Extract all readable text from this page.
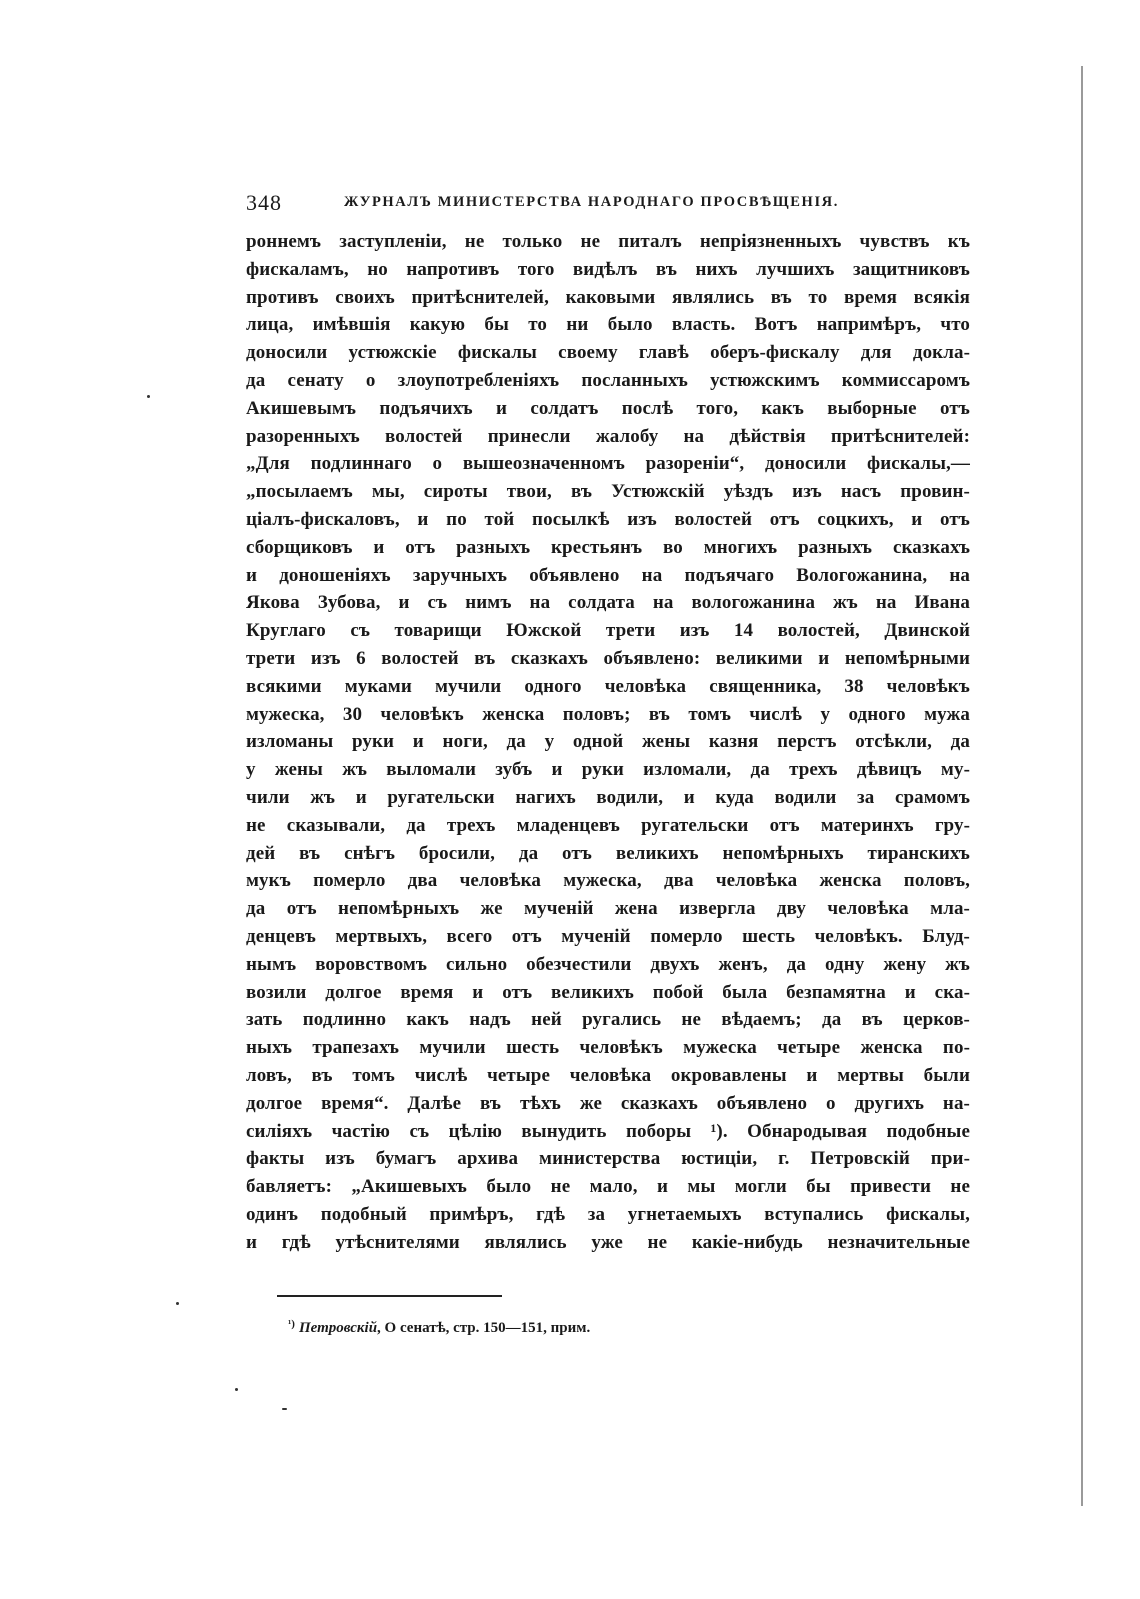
348	ЖУРНАЛЪ МИНИСТЕРСТВА НАРОДНАГО ПРОСВѢЩЕНІЯ.
роннемъ заступленіи, не только не питалъ непріязненныхъ чувствъ къ
фискаламъ, но напротивъ того видѣлъ въ нихъ лучшихъ защитниковъ
противъ своихъ притѣснителей, каковыми являлись въ то время всякія
лица, имѣвшія какую бы то ни было власть. Вотъ напримѣръ, что
доносили устюжскіе фискалы своему главѣ оберъ-фискалу для докла-
да сенату о злоупотребленіяхъ посланныхъ устюжскимъ коммиссаромъ
Акишевымъ подъячихъ и солдатъ послѣ того, какъ выборные отъ
разоренныхъ волостей принесли жалобу на дѣйствія притѣснителей:
„Для подлиннаго о вышеозначенномъ разореніи“, доносили фискалы,—
„посылаемъ мы, сироты твои, въ Устюжскій уѣздъ изъ насъ провин-
ціалъ-фискаловъ, и по той посылкѣ изъ волостей отъ соцкихъ, и отъ
сборщиковъ и отъ разныхъ крестьянъ во многихъ разныхъ сказкахъ
и доношеніяхъ заручныхъ объявлено на подъячаго Вологожанина, на
Якова Зубова, и съ нимъ на солдата на вологожанина жъ на Ивана
Круглаго съ товарищи Южской трети изъ 14 волостей, Двинской
трети изъ 6 волостей въ сказкахъ объявлено: великими и непомѣрными
всякими муками мучили одного человѣка священника, 38 человѣкъ
мужеска, 30 человѣкъ женска половъ; въ томъ числѣ у одного мужа
изломаны руки и ноги, да у одной жены казня перстъ отсѣкли, да
у жены жъ выломали зубъ и руки изломали, да трехъ дѣвицъ му-
чили жъ и ругательски нагихъ водили, и куда водили за срамомъ
не сказывали, да трехъ младенцевъ ругательски отъ материнхъ гру-
дей въ снѣгъ бросили, да отъ великихъ непомѣрныхъ тиранскихъ
мукъ померло два человѣка мужеска, два человѣка женска половъ,
да отъ непомѣрныхъ же мученій жена извергла дву человѣка мла-
денцевъ мертвыхъ, всего отъ мученій померло шесть человѣкъ. Блуд-
нымъ воровствомъ сильно обезчестили двухъ женъ, да одну жену жъ
возили долгое время и отъ великихъ побой была безпамятна и ска-
зать подлинно какъ надъ ней ругались не вѣдаемъ; да въ церков-
ныхъ трапезахъ мучили шесть человѣкъ мужеска четыре женска по-
ловъ, въ томъ числѣ четыре человѣка окровавлены и мертвы были
долгое время“. Далѣе въ тѣхъ же сказкахъ объявлено о другихъ на-
силіяхъ частію съ цѣлію вынудить поборы ¹). Обнародывая подобные
факты изъ бумагъ архива министерства юстиціи, г. Петровскій при-
бавляетъ: „Акишевыхъ было не мало, и мы могли бы привести не
одинъ подобный примѣръ, гдѣ за угнетаемыхъ вступались фискалы,
и гдѣ утѣснителями являлись уже не какіе-нибудь незначительные
$^{^1)}$ Петровскій, О сенатѣ, стр. 150—151, прим.
